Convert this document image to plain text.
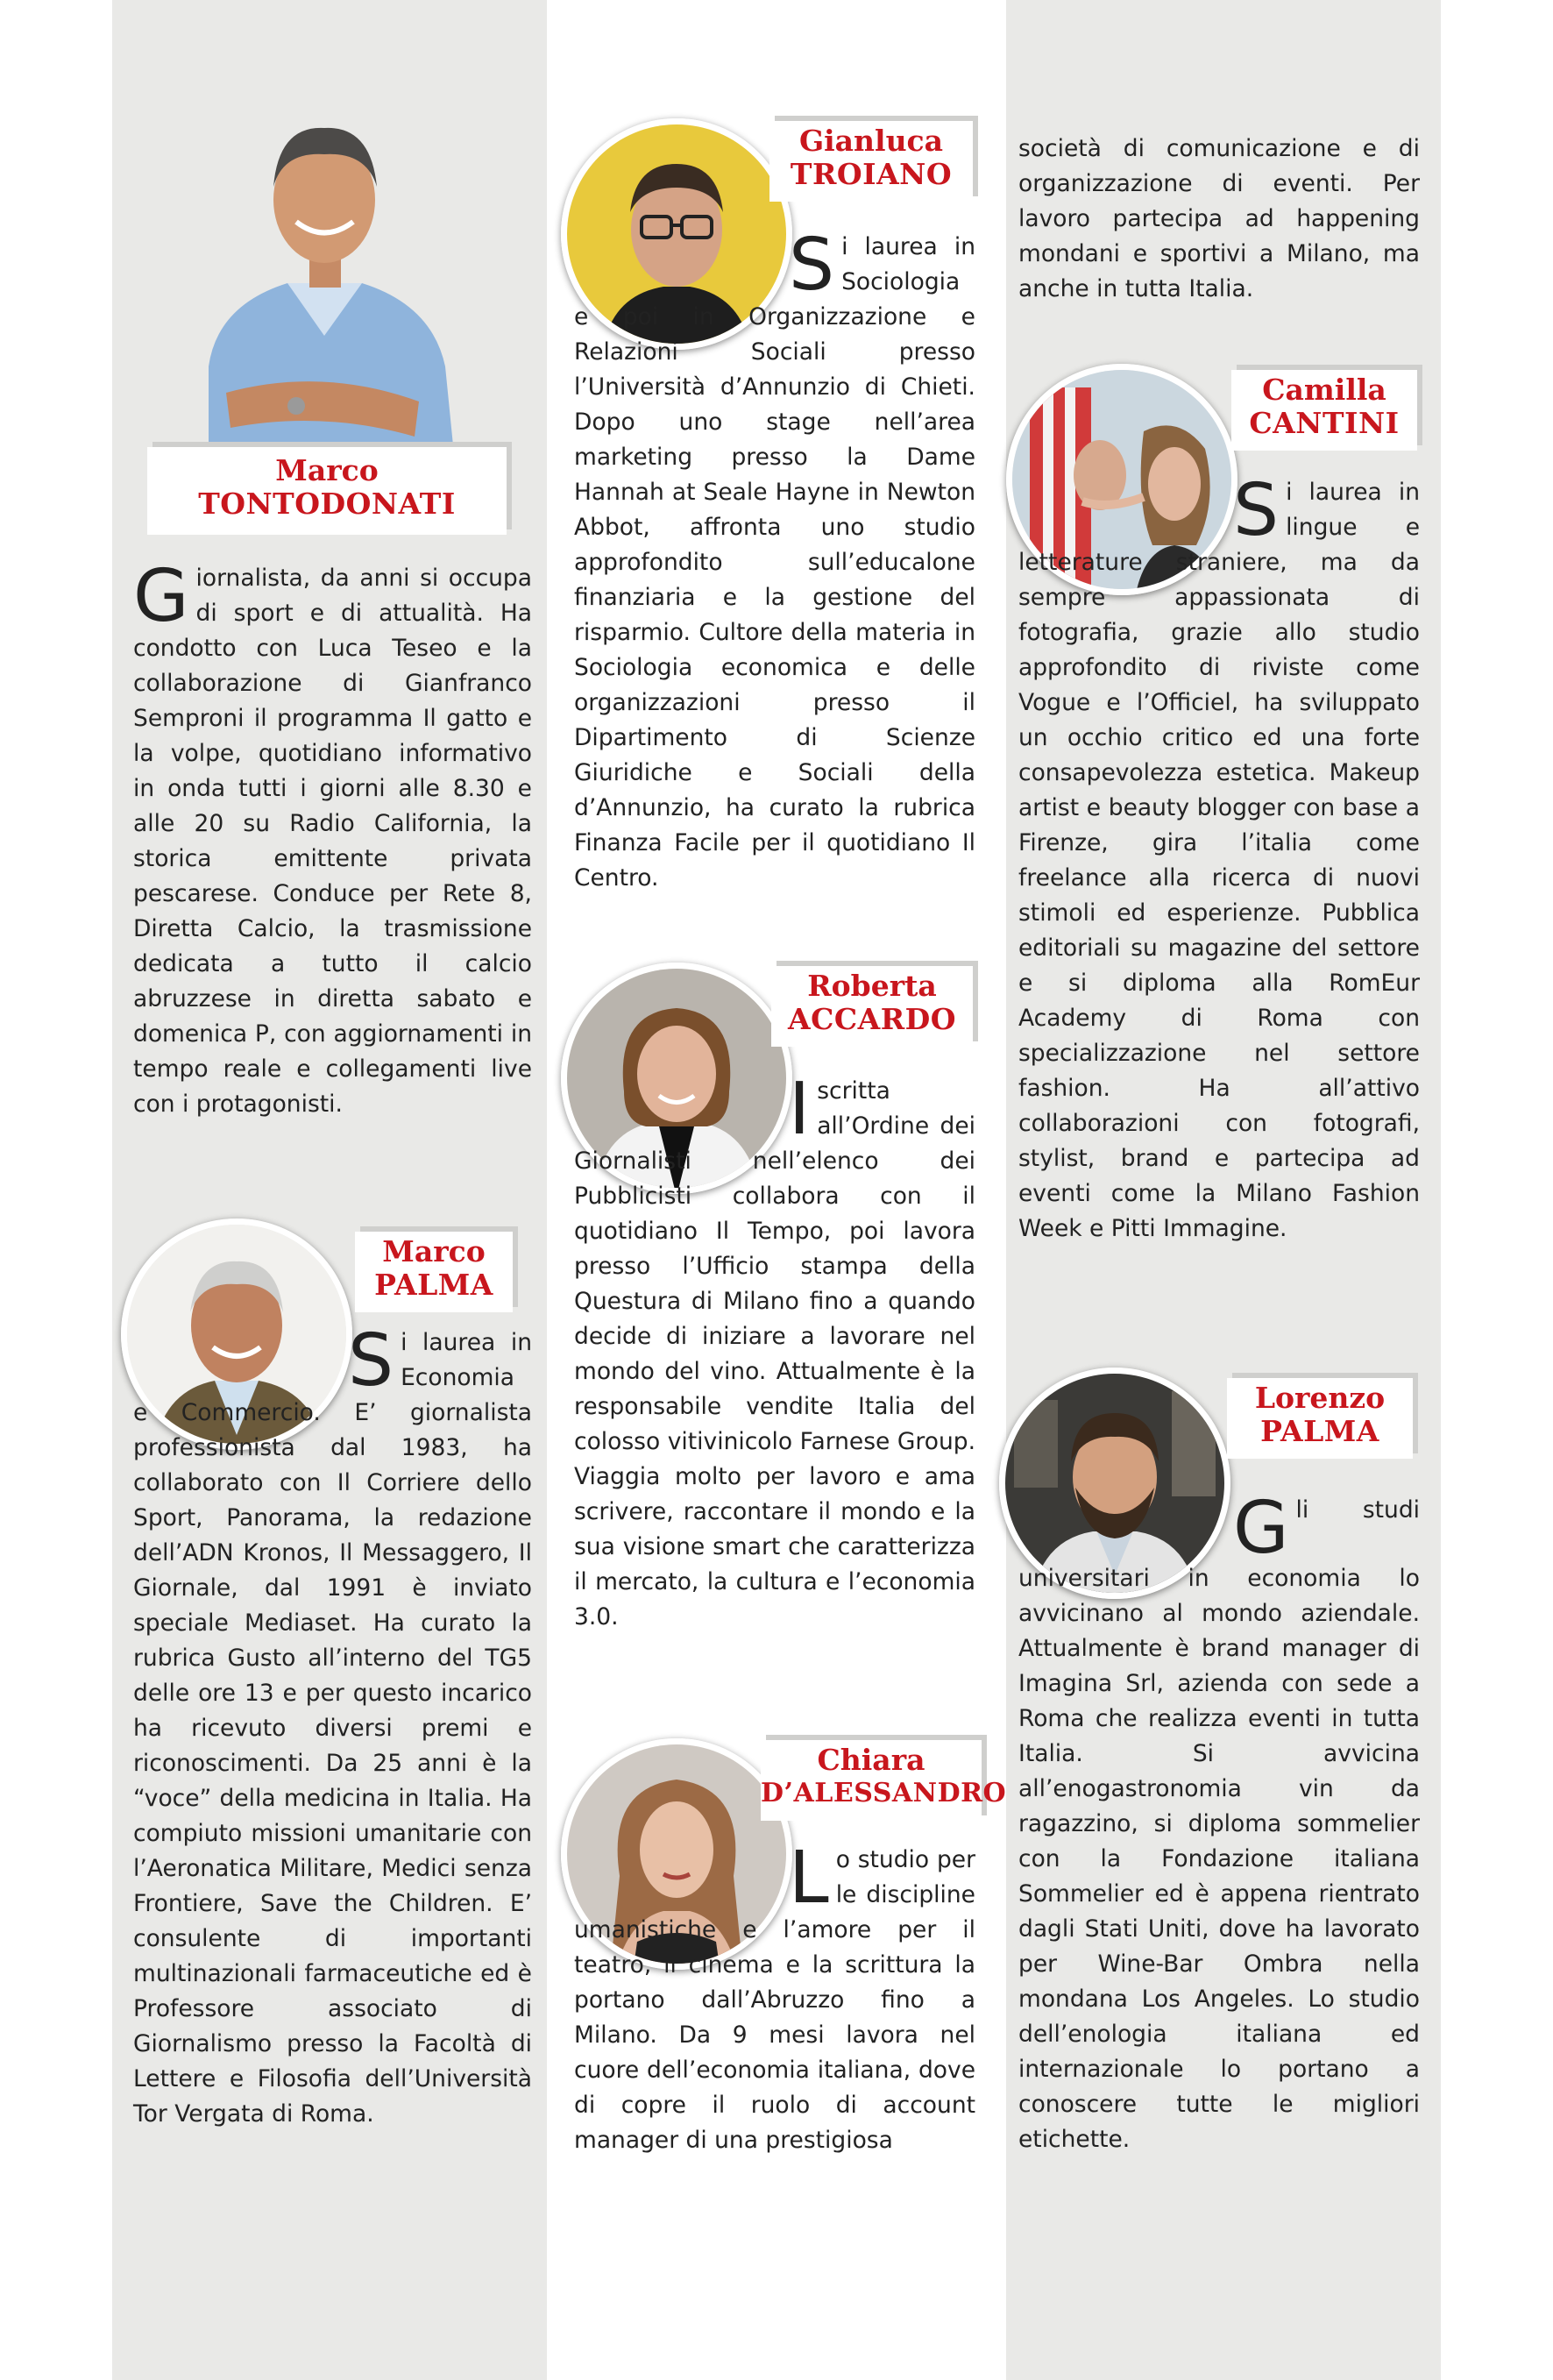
Marco
TONTODONATI
G iornalista, da anni si occupa di sport e di attualità. Ha condotto con Luca Teseo e la collaborazione di Gianfranco Semproni il programma Il gatto e la volpe, quotidiano informativo in onda tutti i giorni alle 8.30 e alle 20 su Radio California, la storica emittente privata pescarese. Conduce per Rete 8, Diretta Calcio, la trasmissione dedicata a tutto il calcio abruzzese in diretta sabato e domenica P, con aggiornamenti in tempo reale e collegamenti live con i protagonisti.
Marco
PALMA
S i laurea in Economia e Commercio. E’ giornalista professionista dal 1983, ha collaborato con Il Corriere dello Sport, Panorama, la redazione dell’ADN Kronos, Il Messaggero, Il Giornale, dal 1991 è inviato speciale Mediaset. Ha curato la rubrica Gusto all’interno del TG5 delle ore 13 e per questo incarico ha ricevuto diversi premi e riconoscimenti. Da 25 anni è la “voce” della medicina in Italia. Ha compiuto missioni umanitarie con l’Aeronatica Militare, Medici senza Frontiere, Save the Children. E’ consulente di importanti multinazionali farmaceutiche ed è Professore associato di Giornalismo presso la Facoltà di Lettere e Filosofia dell’Università Tor Vergata di Roma.
Gianluca
TROIANO
S i laurea in Sociologia e poi in Organizzazione e Relazioni Sociali presso l’Università d’Annunzio di Chieti. Dopo uno stage nell’area marketing presso la Dame Hannah at Seale Hayne in Newton Abbot, affronta uno studio approfondito sull’educalone finanziaria e la gestione del risparmio. Cultore della materia in Sociologia economica e delle organizzazioni presso il Dipartimento di Scienze Giuridiche e Sociali della d’Annunzio, ha curato la rubrica Finanza Facile per il quotidiano Il Centro.
Roberta
ACCARDO
I scritta all’Ordine dei Giornalisti nell’elenco dei Pubblicisti collabora con il quotidiano Il Tempo, poi lavora presso l’Ufficio stampa della Questura di Milano fino a quando decide di iniziare a lavorare nel mondo del vino. Attualmente è la responsabile vendite Italia del colosso vitivinicolo Farnese Group. Viaggia molto per lavoro e ama scrivere, raccontare il mondo e la sua visione smart che caratterizza il mercato, la cultura e l’economia 3.0.
Chiara
D’ALESSANDRO
L o studio per le discipline umanistiche e l’amore per il teatro, il cinema e la scrittura la portano dall’Abruzzo fino a Milano. Da 9 mesi lavora nel cuore dell’economia italiana, dove di copre il ruolo di account manager di una prestigiosa
società di comunicazione e di organizzazione di eventi. Per lavoro partecipa ad happening mondani e sportivi a Milano, ma anche in tutta Italia.
Camilla
CANTINI
S i laurea in lingue e letterature straniere, ma da sempre appassionata di fotografia, grazie allo studio approfondito di riviste come Vogue e l’Officiel, ha sviluppato un occhio critico ed una forte consapevolezza estetica. Makeup artist e beauty blogger con base a Firenze, gira l’italia come freelance alla ricerca di nuovi stimoli ed esperienze. Pubblica editoriali su magazine del settore e si diploma alla RomEur Academy di Roma con specializzazione nel settore fashion. Ha all’attivo collaborazioni con fotografi, stylist, brand e partecipa ad eventi come la Milano Fashion Week e Pitti Immagine.
Lorenzo
PALMA
G li studi universitari in economia lo avvicinano al mondo aziendale. Attualmente è brand manager di Imagina Srl, azienda con sede a Roma che realizza eventi in tutta Italia. Si avvicina all’enogastronomia vin da ragazzino, si diploma sommelier con la Fondazione italiana Sommelier ed è appena rientrato dagli Stati Uniti, dove ha lavorato per Wine-Bar Ombra nella mondana Los Angeles. Lo studio dell’enologia italiana ed internazionale lo portano a conoscere tutte le migliori etichette.
